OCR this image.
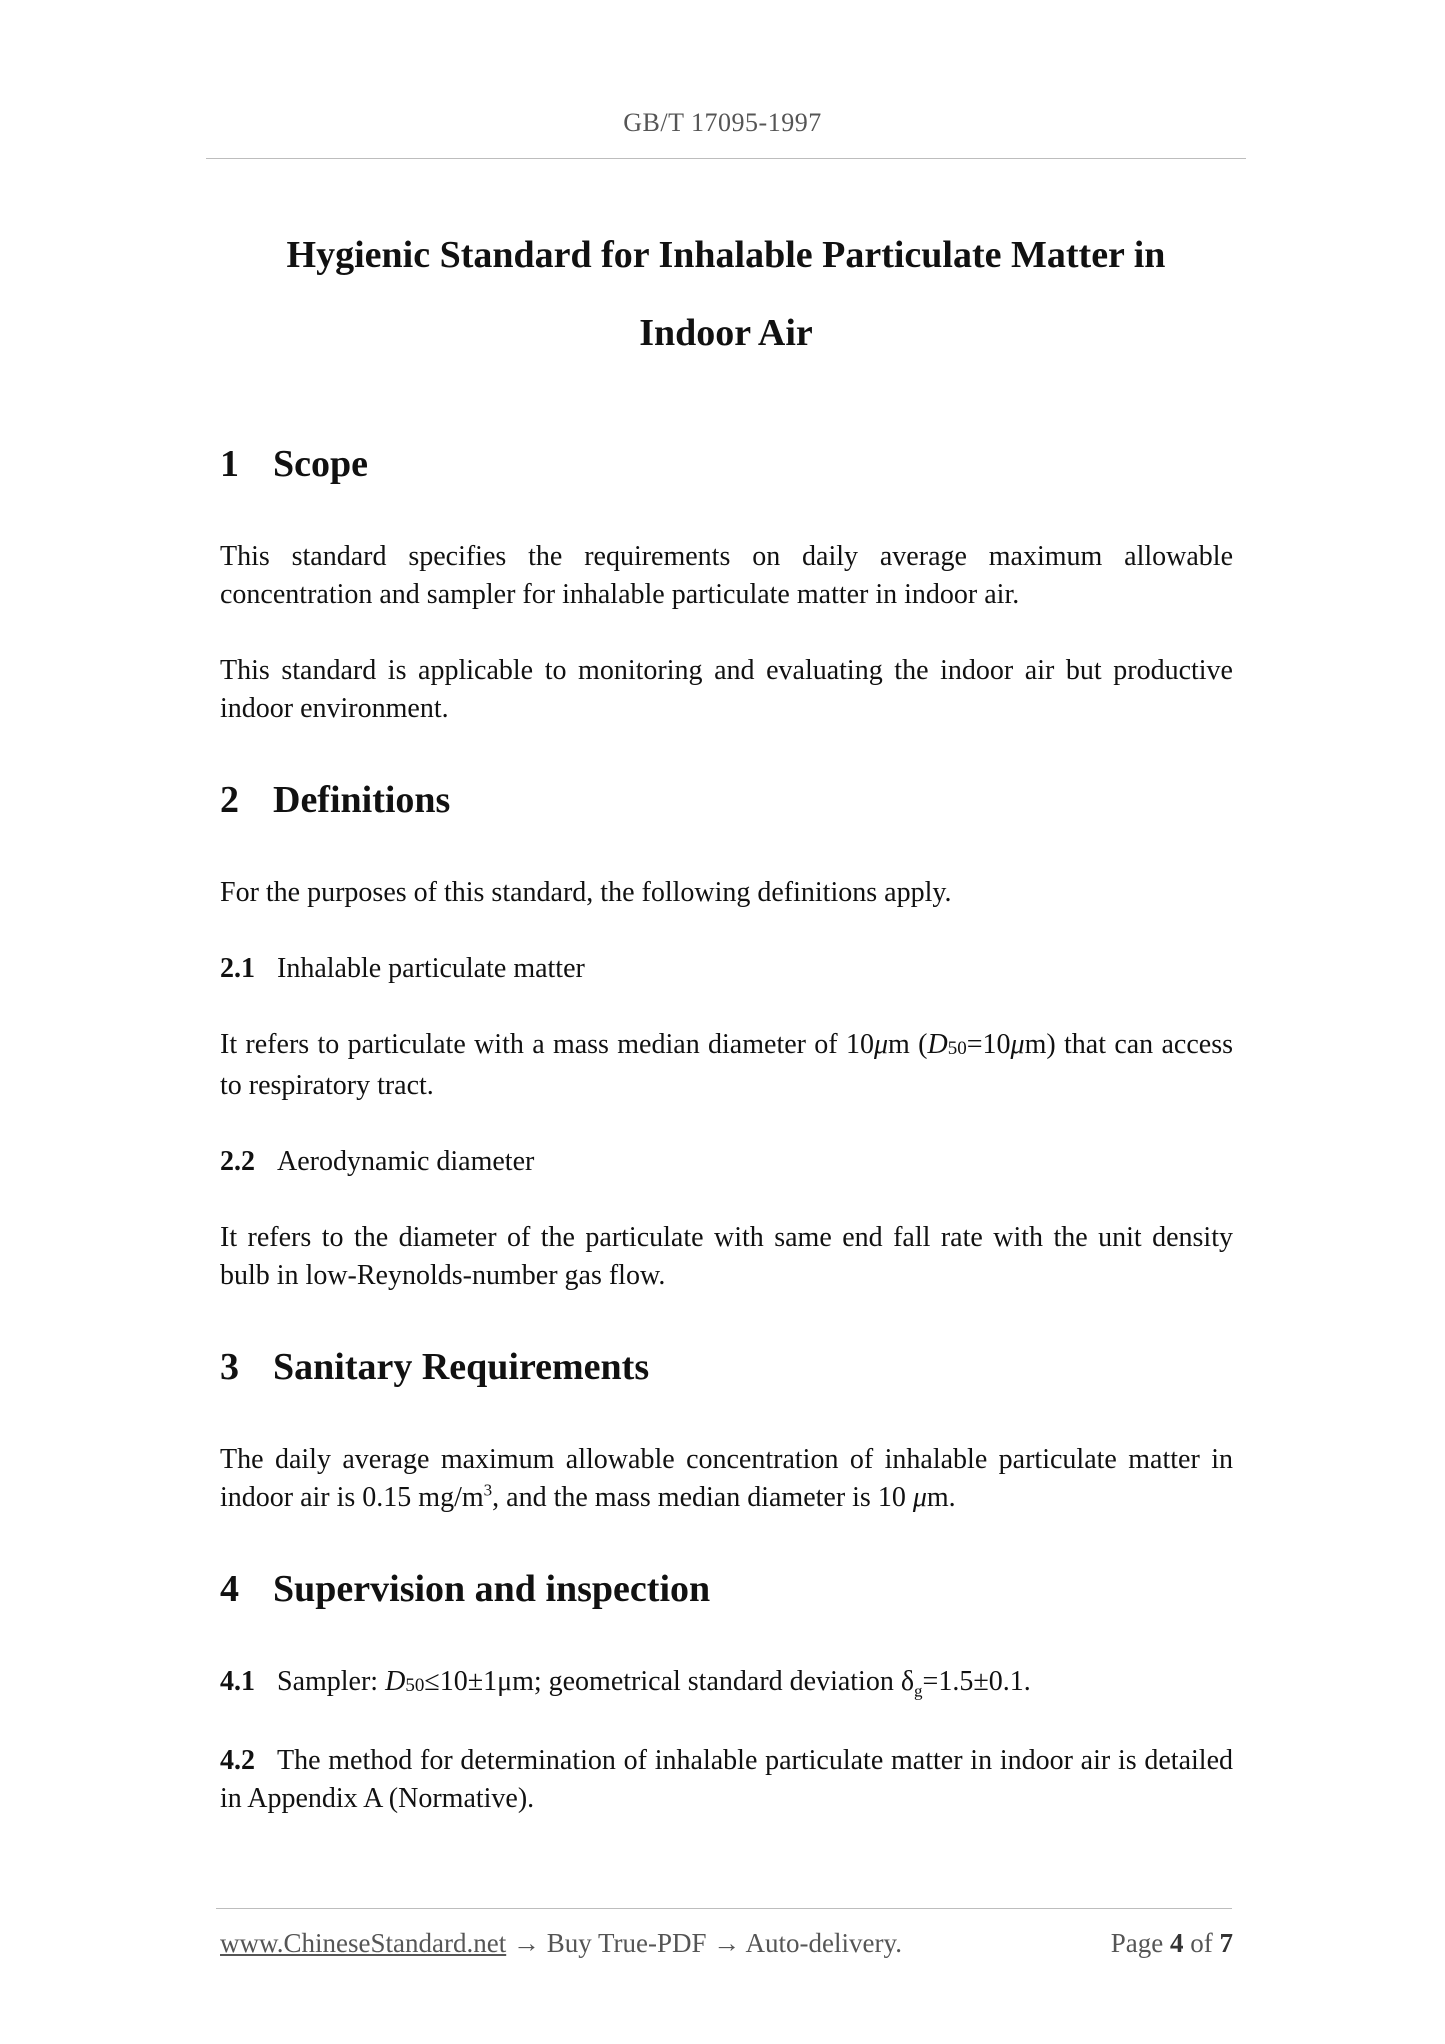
GB/T 17095-1997
Hygienic Standard for Inhalable Particulate Matter in
Indoor Air
1 Scope

This standard specifies the requirements on daily average maximum allowable concentration and sampler for inhalable particulate matter in indoor air.

This standard is applicable to monitoring and evaluating the indoor air but productive indoor environment.

2 Definitions

For the purposes of this standard, the following definitions apply.

2.1 Inhalable particulate matter

It refers to particulate with a mass median diameter of 10μm $(D_{50}=10\mu m)$ that can access to respiratory tract.

2.2 Aerodynamic diameter

It refers to the diameter of the particulate with same end fall rate with the unit density bulb in low-Reynolds-number gas flow.

3 Sanitary Requirements

The daily average maximum allowable concentration of inhalable particulate matter in indoor air is 0.15 $mg/m^3$, and the mass median diameter is 10 μm.

4 Supervision and inspection

4.1 Sampler: $D_{50}\le 10\pm 1\mu m$; geometrical standard deviation $\delta_g=1.5\pm 0.1$.

4.2 The method for determination of inhalable particulate matter in indoor air is detailed in Appendix A (Normative).

www.ChineseStandard.net → Buy True-PDF → Auto-delivery.	Page 4 of 7
